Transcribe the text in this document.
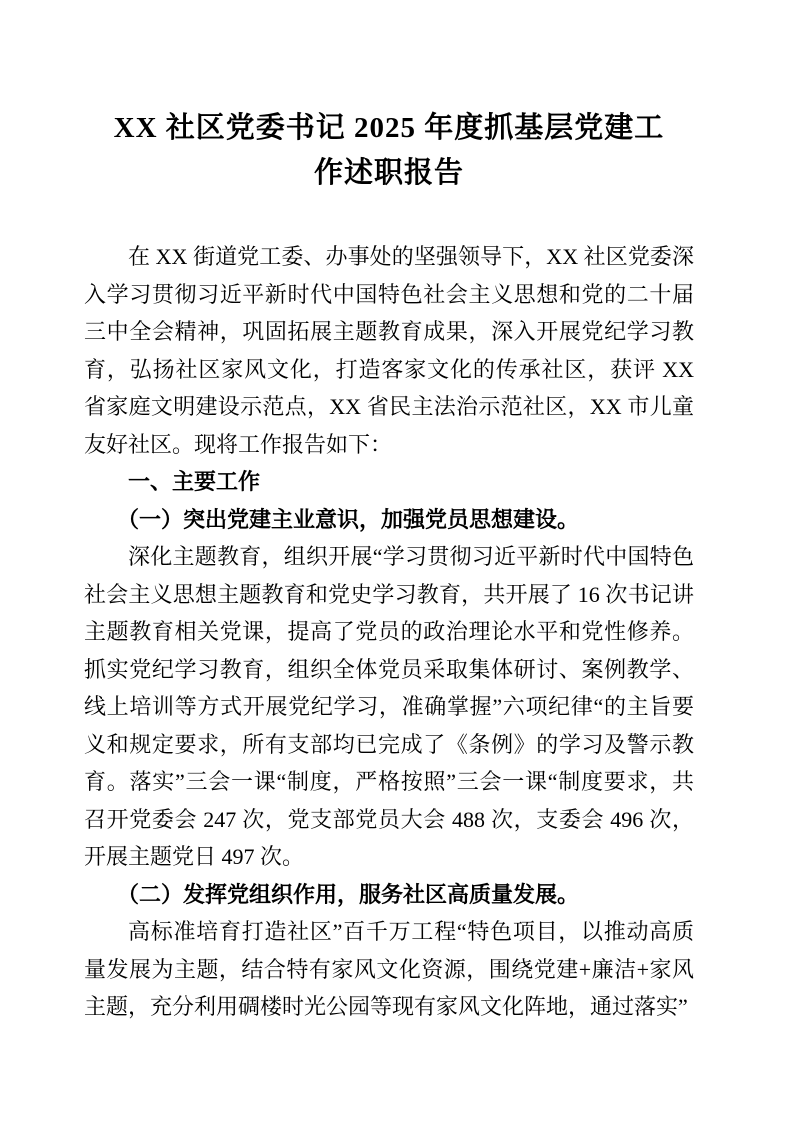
XX 社区党委书记 2025 年度抓基层党建工
作述职报告

在 XX 街道党工委、办事处的坚强领导下，XX 社区党委深入学习贯彻习近平新时代中国特色社会主义思想和党的二十届三中全会精神，巩固拓展主题教育成果，深入开展党纪学习教育，弘扬社区家风文化，打造客家文化的传承社区，获评 XX 省家庭文明建设示范点，XX 省民主法治示范社区，XX 市儿童友好社区。现将工作报告如下：

一、主要工作

（一）突出党建主业意识，加强党员思想建设。

深化主题教育，组织开展“学习贯彻习近平新时代中国特色社会主义思想主题教育和党史学习教育，共开展了 16 次书记讲主题教育相关党课，提高了党员的政治理论水平和党性修养。抓实党纪学习教育，组织全体党员采取集体研讨、案例教学、线上培训等方式开展党纪学习，准确掌握”六项纪律“的主旨要义和规定要求，所有支部均已完成了《条例》的学习及警示教育。落实”三会一课“制度，严格按照”三会一课“制度要求，共召开党委会 247 次，党支部党员大会 488 次，支委会 496 次，开展主题党日 497 次。

（二）发挥党组织作用，服务社区高质量发展。

高标准培育打造社区”百千万工程“特色项目，以推动高质量发展为主题，结合特有家风文化资源，围绕党建+廉洁+家风主题，充分利用碉楼时光公园等现有家风文化阵地，通过落实”
